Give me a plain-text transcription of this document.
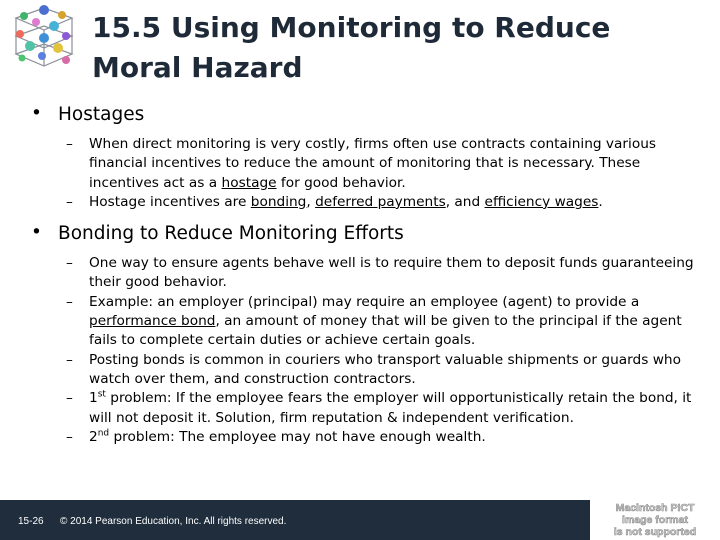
15.5 Using Monitoring to Reduce
Moral Hazard
• Hostages
– When direct monitoring is very costly, firms often use contracts containing various financial incentives to reduce the amount of monitoring that is necessary. These incentives act as a hostage for good behavior.
– Hostage incentives are bonding, deferred payments, and efficiency wages.
• Bonding to Reduce Monitoring Efforts
– One way to ensure agents behave well is to require them to deposit funds guaranteeing their good behavior.
– Example: an employer (principal) may require an employee (agent) to provide a performance bond, an amount of money that will be given to the principal if the agent fails to complete certain duties or achieve certain goals.
– Posting bonds is common in couriers who transport valuable shipments or guards who watch over them, and construction contractors.
– 1st problem: If the employee fears the employer will opportunistically retain the bond, it will not deposit it. Solution, firm reputation & independent verification.
– 2nd problem: The employee may not have enough wealth.
15-26 © 2014 Pearson Education, Inc. All rights reserved.
Macintosh PICT
image format
is not supported
